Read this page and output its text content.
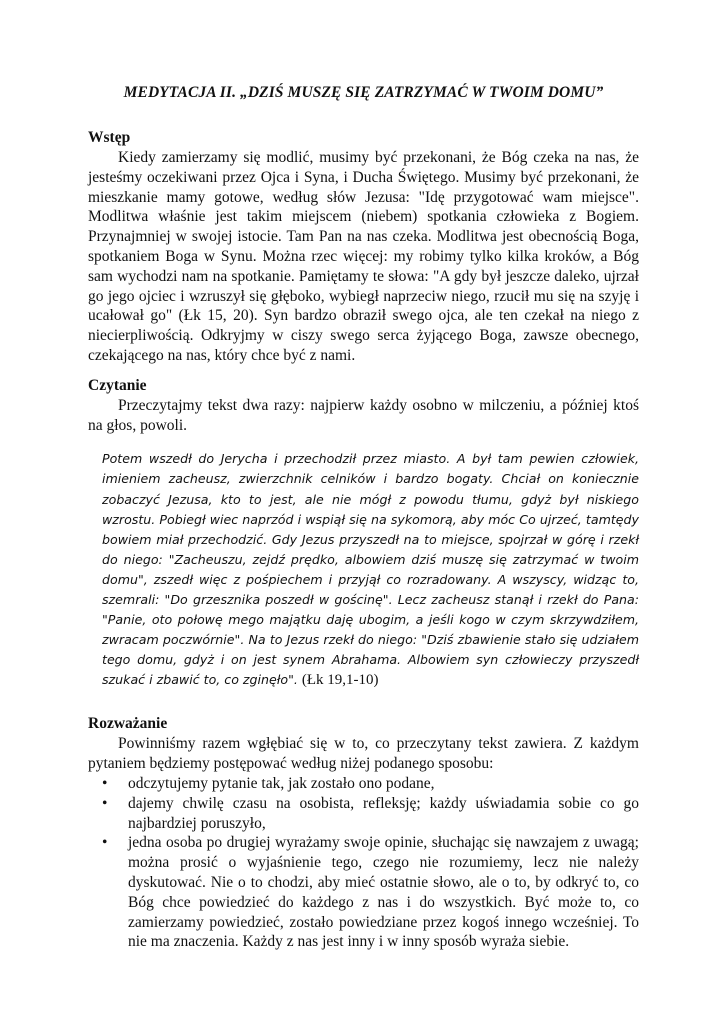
MEDYTACJA II. „DZIŚ MUSZĘ SIĘ ZATRZYMAĆ W TWOIM DOMU”
Wstęp

Kiedy zamierzamy się modlić, musimy być przekonani, że Bóg czeka na nas, że jesteśmy oczekiwani przez Ojca i Syna, i Ducha Świętego. Musimy być przekonani, że mieszkanie mamy gotowe, według słów Jezusa: "Idę przygotować wam miejsce". Modlitwa właśnie jest takim miejscem (niebem) spotkania człowieka z Bogiem. Przynajmniej w swojej istocie. Tam Pan na nas czeka. Modlitwa jest obecnością Boga, spotkaniem Boga w Synu. Można rzec więcej: my robimy tylko kilka kroków, a Bóg sam wychodzi nam na spotkanie. Pamiętamy te słowa: "A gdy był jeszcze daleko, ujrzał go jego ojciec i wzruszył się głęboko, wybiegł naprzeciw niego, rzucił mu się na szyję i ucałował go" (Łk 15, 20). Syn bardzo obraził swego ojca, ale ten czekał na niego z niecierpliwością. Odkryjmy w ciszy swego serca żyjącego Boga, zawsze obecnego, czekającego na nas, który chce być z nami.

Czytanie

Przeczytajmy tekst dwa razy: najpierw każdy osobno w milczeniu, a później ktoś na głos, powoli.

Potem wszedł do Jerycha i przechodził przez miasto. A był tam pewien człowiek, imieniem zacheusz, zwierzchnik celników i bardzo bogaty. Chciał on koniecznie zobaczyć Jezusa, kto to jest, ale nie mógł z powodu tłumu, gdyż był niskiego wzrostu. Pobiegł wiec naprzód i wspiął się na sykomorą, aby móc Co ujrzeć, tamtędy bowiem miał przechodzić. Gdy Jezus przyszedł na to miejsce, spojrzał w górę i rzekł do niego: "Zacheuszu, zejdź prędko, albowiem dziś muszę się zatrzymać w twoim domu", zszedł więc z pośpiechem i przyjął co rozradowany. A wszyscy, widząc to, szemrali: "Do grzesznika poszedł w gościnę". Lecz zacheusz stanął i rzekł do Pana: "Panie, oto połowę mego majątku daję ubogim, a jeśli kogo w czym skrzywdziłem, zwracam poczwórnie". Na to Jezus rzekł do niego: "Dziś zbawienie stało się udziałem tego domu, gdyż i on jest synem Abrahama. Albowiem syn człowieczy przyszedł szukać i zbawić to, co zginęło". (Łk 19,1-10)

Rozważanie

Powinniśmy razem wgłębiać się w to, co przeczytany tekst zawiera. Z każdym pytaniem będziemy postępować według niżej podanego sposobu:

• odczytujemy pytanie tak, jak zostało ono podane,
• dajemy chwilę czasu na osobista, refleksję; każdy uświadamia sobie co go najbardziej poruszyło,
• jedna osoba po drugiej wyrażamy swoje opinie, słuchając się nawzajem z uwagą; można prosić o wyjaśnienie tego, czego nie rozumiemy, lecz nie należy dyskutować. Nie o to chodzi, aby mieć ostatnie słowo, ale o to, by odkryć to, co Bóg chce powiedzieć do każdego z nas i do wszystkich. Być może to, co zamierzamy powiedzieć, zostało powiedziane przez kogoś innego wcześniej. To nie ma znaczenia. Każdy z nas jest inny i w inny sposób wyraża siebie.
